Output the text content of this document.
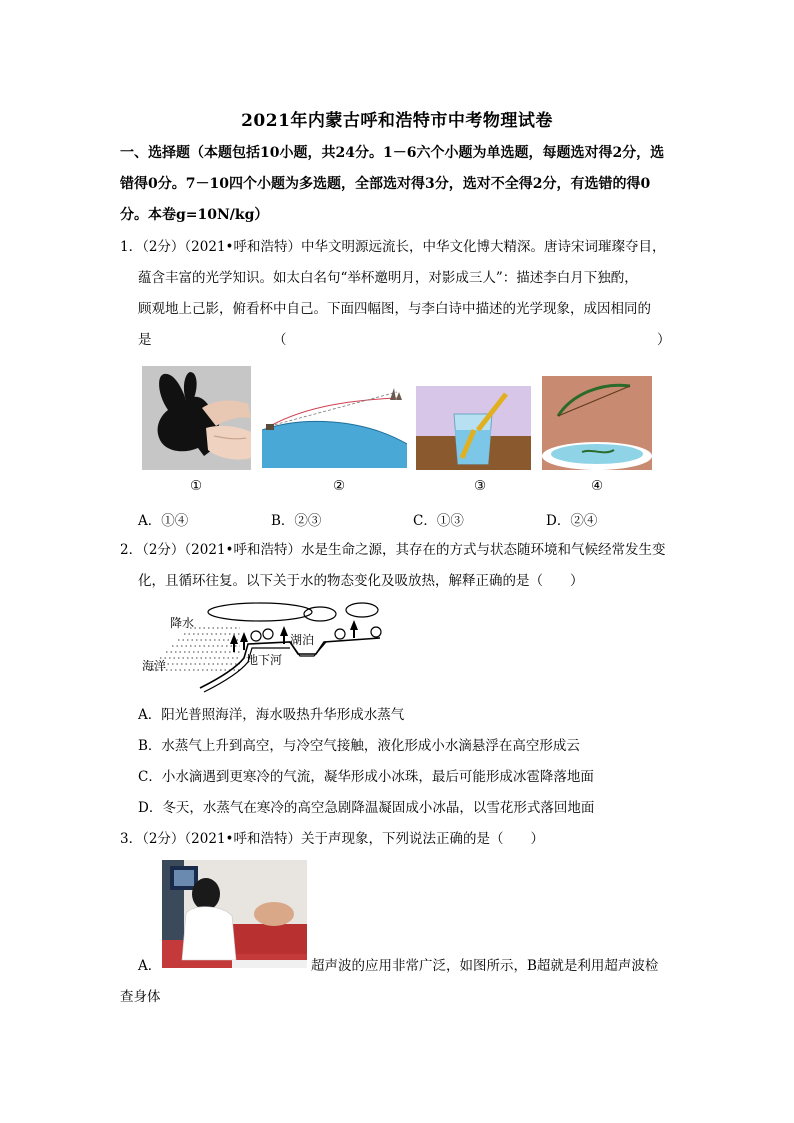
2021年内蒙古呼和浩特市中考物理试卷
一、选择题（本题包括10小题，共24分。1－6六个小题为单选题，每题选对得2分，选
错得0分。7－10四个小题为多选题，全部选对得3分，选对不全得2分，有选错的得0
分。本卷g=10N/kg）
1．（2分）（2021•呼和浩特）中华文明源远流长，中华文化博大精深。唐诗宋词璀璨夺目，
蕴含丰富的光学知识。如太白名句“举杯邀明月，对影成三人”：描述李白月下独酌，
顾观地上己影，俯看杯中自己。下面四幅图，与李白诗中描述的光学现象，成因相同的
是	（	）
①	②	③	④
A．①④	B．②③	C．①③	D．②④
2．（2分）（2021•呼和浩特）水是生命之源，其存在的方式与状态随环境和气候经常发生变
化，且循环往复。以下关于水的物态变化及吸放热，解释正确的是（　　）
降水
海洋
湖泊
地下河
A．阳光普照海洋，海水吸热升华形成水蒸气
B．水蒸气上升到高空，与冷空气接触，液化形成小水滴悬浮在高空形成云
C．小水滴遇到更寒冷的气流，凝华形成小冰珠，最后可能形成冰雹降落地面
D．冬天，水蒸气在寒冷的高空急剧降温凝固成小冰晶，以雪花形式落回地面
3．（2分）（2021•呼和浩特）关于声现象，下列说法正确的是（　　）
A．	超声波的应用非常广泛，如图所示，B超就是利用超声波检
查身体
